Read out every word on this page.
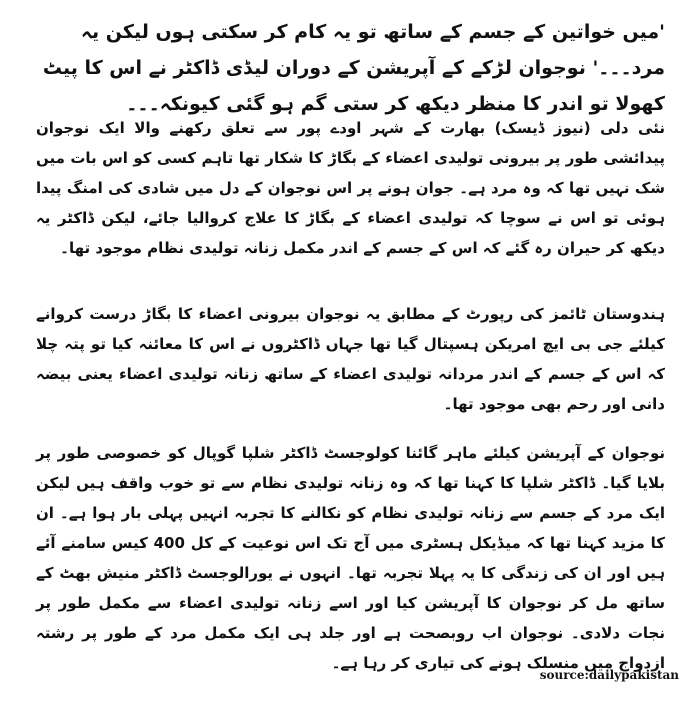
'میں خواتین کے جسم کے ساتھ تو یہ کام کر سکتی ہوں لیکن یہ مرد۔۔۔' نوجوان لڑکے کے آپریشن کے دوران لیڈی ڈاکٹر نے اس کا پیٹ کھولا تو اندر کا منظر دیکھ کر ستی گم ہو گئی کیونکہ۔۔۔
نئی دلی (نیوز ڈیسک) بھارت کے شہر اودے پور سے تعلق رکھنے والا ایک نوجوان پیدائشی طور پر بیرونی تولیدی اعضاء کے بگاڑ کا شکار تھا تاہم کسی کو اس بات میں شک نہیں تھا کہ وہ مرد ہے۔ جوان ہونے پر اس نوجوان کے دل میں شادی کی امنگ پیدا ہوئی تو اس نے سوچا کہ تولیدی اعضاء کے بگاڑ کا علاج کروالیا جائے، لیکن ڈاکٹر یہ دیکھ کر حیران رہ گئے کہ اس کے جسم کے اندر مکمل زنانہ تولیدی نظام موجود تھا۔
ہندوستان ٹائمز کی رپورٹ کے مطابق یہ نوجوان بیرونی اعضاء کا بگاڑ درست کروانے کیلئے جی بی ایچ امریکن ہسپتال گیا تھا جہاں ڈاکٹروں نے اس کا معائنہ کیا تو پتہ چلا کہ اس کے جسم کے اندر مردانہ تولیدی اعضاء کے ساتھ زنانہ تولیدی اعضاء یعنی بیضہ دانی اور رحم بھی موجود تھا۔
نوجوان کے آپریشن کیلئے ماہر گائنا کولوجسٹ ڈاکٹر شلپا گوپال کو خصوصی طور پر بلایا گیا۔ ڈاکٹر شلپا کا کہنا تھا کہ وہ زنانہ تولیدی نظام سے تو خوب واقف ہیں لیکن ایک مرد کے جسم سے زنانہ تولیدی نظام کو نکالنے کا تجربہ انہیں پہلی بار ہوا ہے۔ ان کا مزید کہنا تھا کہ میڈیکل ہسٹری میں آج تک اس نوعیت کے کل 400 کیس سامنے آئے ہیں اور ان کی زندگی کا یہ پہلا تجربہ تھا۔ انہوں نے یورالوجسٹ ڈاکٹر منیش بھٹ کے ساتھ مل کر نوجوان کا آپریشن کیا اور اسے زنانہ تولیدی اعضاء سے مکمل طور پر نجات دلادی۔ نوجوان اب روبصحت ہے اور جلد ہی ایک مکمل مرد کے طور پر رشتہ ازدواج میں منسلک ہونے کی تیاری کر رہا ہے۔
source:dailypakistan
